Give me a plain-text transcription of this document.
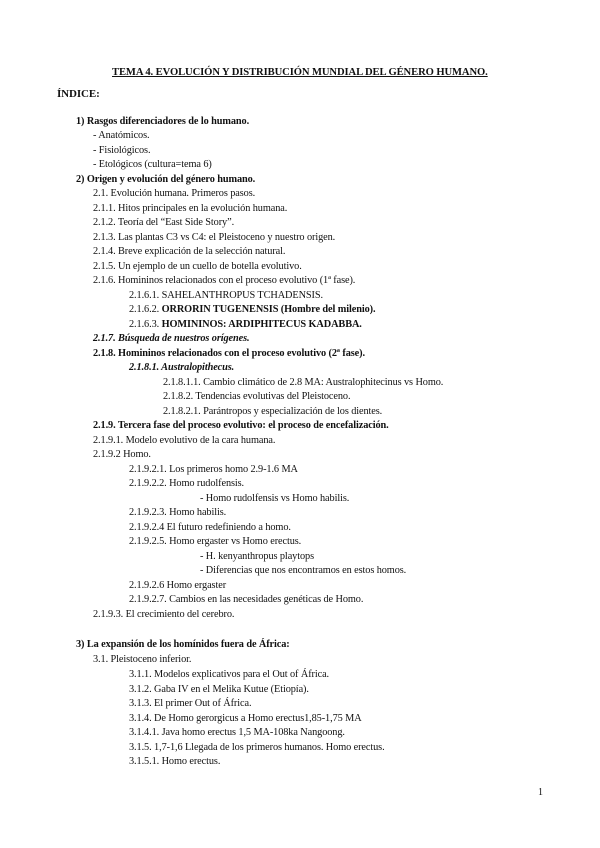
TEMA 4. EVOLUCIÓN Y DISTRIBUCIÓN MUNDIAL DEL GÉNERO HUMANO.
ÍNDICE:
1) Rasgos diferenciadores de lo humano.
- Anatómicos.
- Fisiológicos.
- Etológicos (cultura=tema 6)
2) Origen y evolución del género humano.
2.1. Evolución humana. Primeros pasos.
2.1.1. Hitos principales en la evolución humana.
2.1.2. Teoría del “East Side Story”.
2.1.3. Las plantas C3 vs C4: el Pleistoceno y nuestro origen.
2.1.4. Breve explicación de la selección natural.
2.1.5. Un ejemplo de un cuello de botella evolutivo.
2.1.6. Homininos relacionados con el proceso evolutivo (1ª fase).
2.1.6.1. SAHELANTHROPUS TCHADENSIS.
2.1.6.2. ORRORIN TUGENENSIS (Hombre del milenio).
2.1.6.3. HOMININOS: ARDIPHITECUS KADABBA.
2.1.7. Búsqueda de nuestros orígenes.
2.1.8. Homininos relacionados con el proceso evolutivo (2ª fase).
2.1.8.1. Australopithecus.
2.1.8.1.1. Cambio climático de 2.8 MA: Australophitecinus vs Homo.
2.1.8.2. Tendencias evolutivas del Pleistoceno.
2.1.8.2.1. Parántropos y especialización de los dientes.
2.1.9. Tercera fase del proceso evolutivo: el proceso de encefalización.
2.1.9.1. Modelo evolutivo de la cara humana.
2.1.9.2 Homo.
2.1.9.2.1. Los primeros homo 2.9-1.6 MA
2.1.9.2.2. Homo rudolfensis.
- Homo rudolfensis vs Homo habilis.
2.1.9.2.3. Homo habilis.
2.1.9.2.4 El futuro redefiniendo a homo.
2.1.9.2.5. Homo ergaster vs Homo erectus.
- H. kenyanthropus playtops
- Diferencias que nos encontramos en estos homos.
2.1.9.2.6 Homo ergaster
2.1.9.2.7. Cambios en las necesidades genéticas de Homo.
2.1.9.3. El crecimiento del cerebro.
3) La expansión de los homínidos fuera de África:
3.1. Pleistoceno inferior.
3.1.1. Modelos explicativos para el Out of África.
3.1.2. Gaba IV en el Melika Kutue (Etiopía).
3.1.3. El primer Out of África.
3.1.4. De Homo gerorgicus a Homo erectus1,85-1,75 MA
3.1.4.1. Java homo erectus 1,5 MA-108ka Nangoong.
3.1.5. 1,7-1,6 Llegada de los primeros humanos. Homo erectus.
3.1.5.1. Homo erectus.
1
